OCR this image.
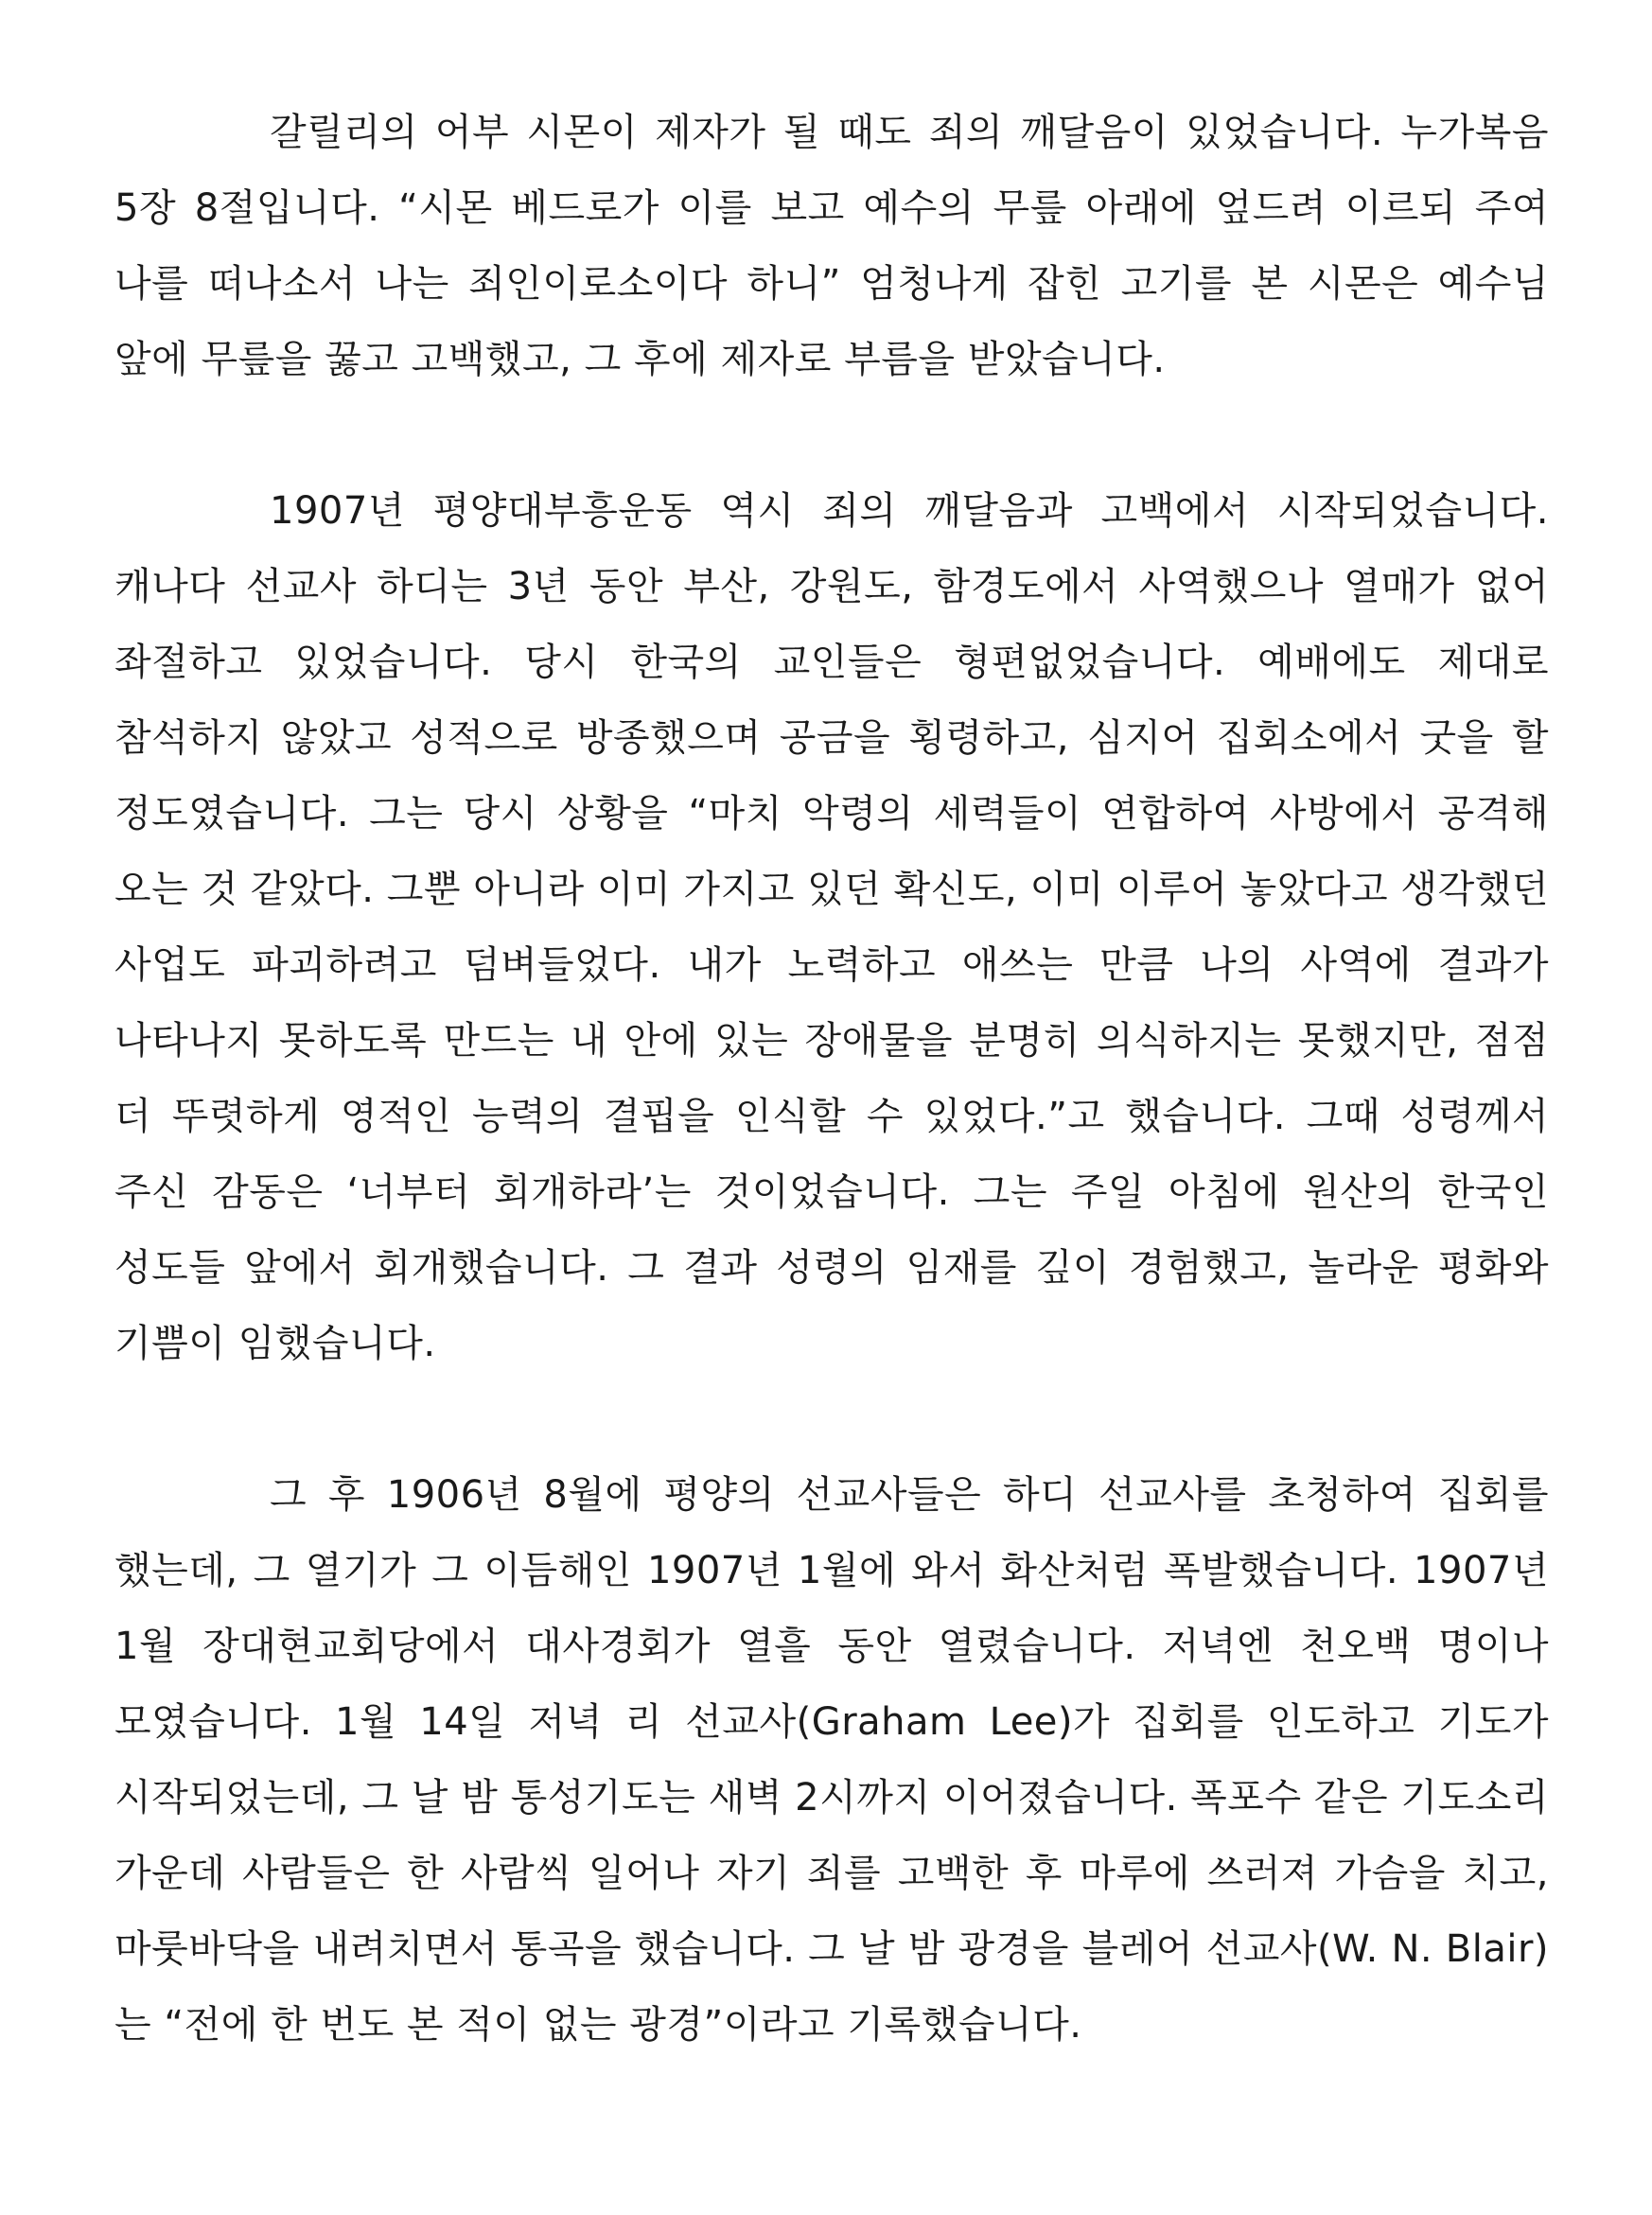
갈릴리의 어부 시몬이 제자가 될 때도 죄의 깨달음이 있었습니다. 누가복음 5장 8절입니다. “시몬 베드로가 이를 보고 예수의 무릎 아래에 엎드려 이르되 주여 나를 떠나소서 나는 죄인이로소이다 하니” 엄청나게 잡힌 고기를 본 시몬은 예수님 앞에 무릎을 꿇고 고백했고, 그 후에 제자로 부름을 받았습니다.

1907년 평양대부흥운동 역시 죄의 깨달음과 고백에서 시작되었습니다. 캐나다 선교사 하디는 3년 동안 부산, 강원도, 함경도에서 사역했으나 열매가 없어 좌절하고 있었습니다. 당시 한국의 교인들은 형편없었습니다. 예배에도 제대로 참석하지 않았고 성적으로 방종했으며 공금을 횡령하고, 심지어 집회소에서 굿을 할 정도였습니다. 그는 당시 상황을 “마치 악령의 세력들이 연합하여 사방에서 공격해 오는 것 같았다. 그뿐 아니라 이미 가지고 있던 확신도, 이미 이루어 놓았다고 생각했던 사업도 파괴하려고 덤벼들었다. 내가 노력하고 애쓰는 만큼 나의 사역에 결과가 나타나지 못하도록 만드는 내 안에 있는 장애물을 분명히 의식하지는 못했지만, 점점 더 뚜렷하게 영적인 능력의 결핍을 인식할 수 있었다.”고 했습니다. 그때 성령께서 주신 감동은 ‘너부터 회개하라’는 것이었습니다. 그는 주일 아침에 원산의 한국인 성도들 앞에서 회개했습니다. 그 결과 성령의 임재를 깊이 경험했고, 놀라운 평화와 기쁨이 임했습니다.

그 후 1906년 8월에 평양의 선교사들은 하디 선교사를 초청하여 집회를 했는데, 그 열기가 그 이듬해인 1907년 1월에 와서 화산처럼 폭발했습니다. 1907년 1월 장대현교회당에서 대사경회가 열흘 동안 열렸습니다. 저녁엔 천오백 명이나 모였습니다. 1월 14일 저녁 리 선교사(Graham Lee)가 집회를 인도하고 기도가 시작되었는데, 그 날 밤 통성기도는 새벽 2시까지 이어졌습니다. 폭포수 같은 기도소리 가운데 사람들은 한 사람씩 일어나 자기 죄를 고백한 후 마루에 쓰러져 가슴을 치고, 마룻바닥을 내려치면서 통곡을 했습니다. 그 날 밤 광경을 블레어 선교사(W. N. Blair)는 “전에 한 번도 본 적이 없는 광경”이라고 기록했습니다.
